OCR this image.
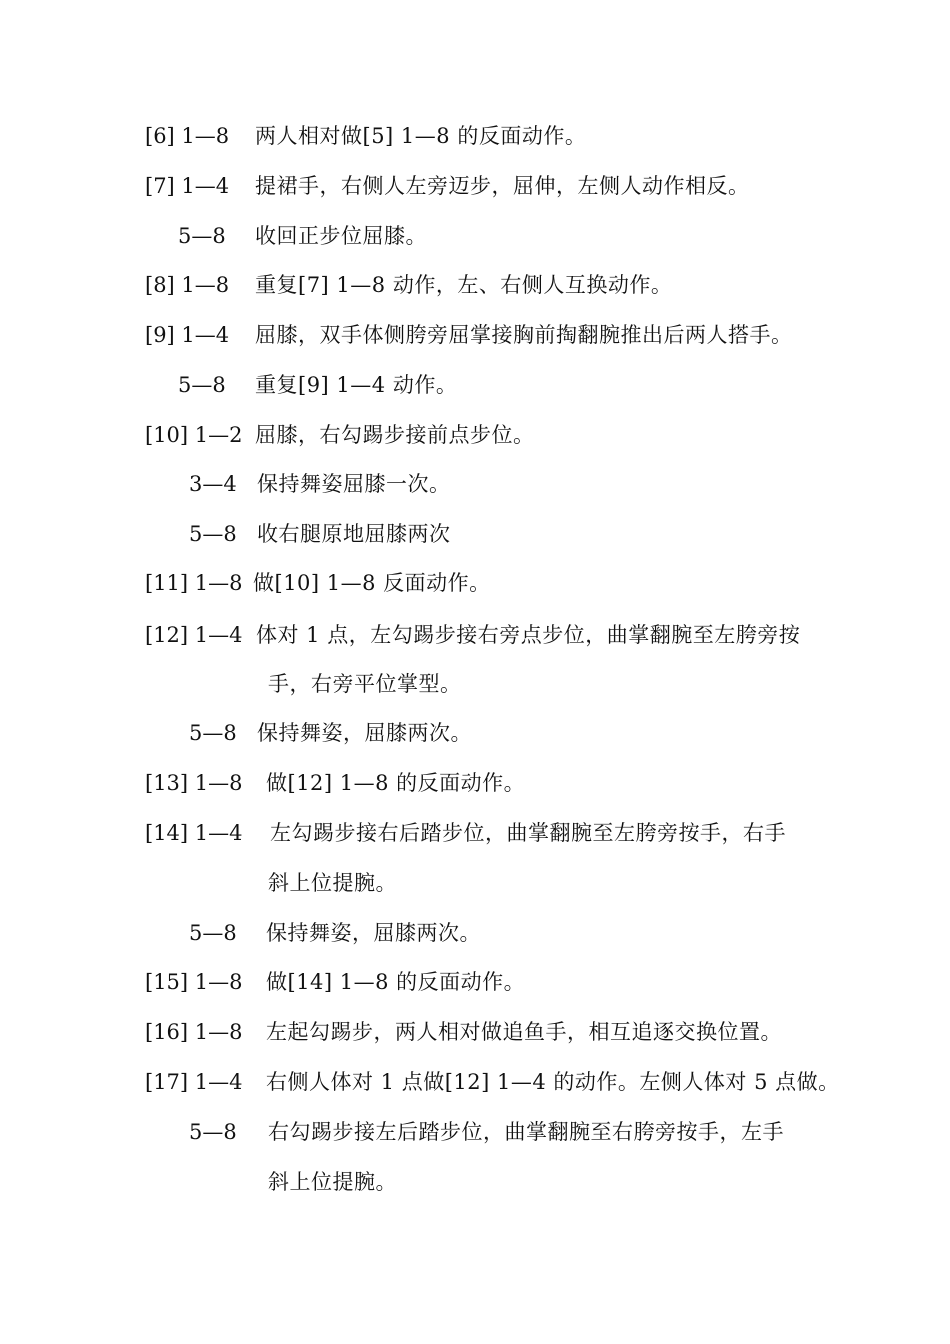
[6] 1—8 两人相对做[5] 1—8 的反面动作。
[7] 1—4 提裙手，右侧人左旁迈步，屈伸，左侧人动作相反。
5—8 收回正步位屈膝。
[8] 1—8 重复[7] 1—8 动作，左、右侧人互换动作。
[9] 1—4 屈膝，双手体侧胯旁屈掌接胸前掏翻腕推出后两人搭手。
5—8 重复[9] 1—4 动作。
[10] 1—2 屈膝，右勾踢步接前点步位。
3—4 保持舞姿屈膝一次。
5—8 收右腿原地屈膝两次
[11] 1—8 做[10] 1—8 反面动作。
[12] 1—4 体对 1 点，左勾踢步接右旁点步位，曲掌翻腕至左胯旁按
手，右旁平位掌型。
5—8 保持舞姿，屈膝两次。
[13] 1—8 做[12] 1—8 的反面动作。
[14] 1—4 左勾踢步接右后踏步位，曲掌翻腕至左胯旁按手，右手
斜上位提腕。
5—8 保持舞姿，屈膝两次。
[15] 1—8 做[14] 1—8 的反面动作。
[16] 1—8 左起勾踢步，两人相对做追鱼手，相互追逐交换位置。
[17] 1—4 右侧人体对 1 点做[12] 1—4 的动作。左侧人体对 5 点做。
5—8 右勾踢步接左后踏步位，曲掌翻腕至右胯旁按手，左手
斜上位提腕。
